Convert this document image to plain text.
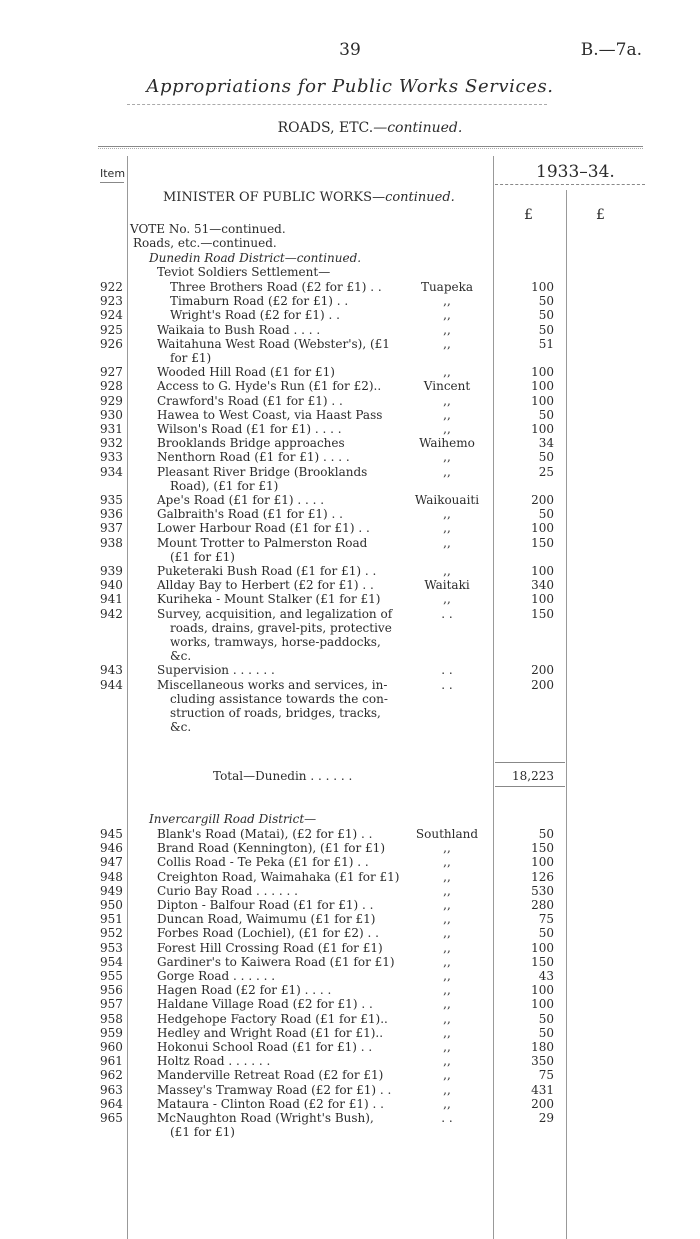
39	B.—7a.
Appropriations for Public Works Services.
ROADS, ETC.—continued.
Item	1933–34.
MINISTER OF PUBLIC WORKS—continued.
£	£
VOTE No. 51—continued.
Roads, etc.—continued.
Dunedin Road District—continued.
Teviot Soldiers Settlement—
922	Three Brothers Road (£2 for £1) . .	Tuapeka	100
923	Timaburn Road (£2 for £1) . .	,,	50
924	Wright's Road (£2 for £1) . .	,,	50
925	Waikaia to Bush Road . . . .	,,	50
926	Waitahuna West Road (Webster's), (£1	,,	51
for £1)
927	Wooded Hill Road (£1 for £1)	,,	100
928	Access to G. Hyde's Run (£1 for £2)..	Vincent	100
929	Crawford's Road (£1 for £1) . .	,,	100
930	Hawea to West Coast, via Haast Pass	,,	50
931	Wilson's Road (£1 for £1) . . . .	,,	100
932	Brooklands Bridge approaches	Waihemo	34
933	Nenthorn Road (£1 for £1) . . . .	,,	50
934	Pleasant River Bridge (Brooklands	,,	25
Road), (£1 for £1)
935	Ape's Road (£1 for £1) . . . .	Waikouaiti	200
936	Galbraith's Road (£1 for £1) . .	,,	50
937	Lower Harbour Road (£1 for £1) . .	,,	100
938	Mount Trotter to Palmerston Road	,,	150
(£1 for £1)
939	Puketeraki Bush Road (£1 for £1) . .	,,	100
940	Allday Bay to Herbert (£2 for £1) . .	Waitaki	340
941	Kuriheka - Mount Stalker (£1 for £1)	,,	100
942	Survey, acquisition, and legalization of	. .	150
roads, drains, gravel-pits, protective
works, tramways, horse-paddocks,
&c.
943	Supervision . . . . . .	. .	200
944	Miscellaneous works and services, in-	. .	200
cluding assistance towards the con-
struction of roads, bridges, tracks,
&c.
Total—Dunedin . . . . . .	18,223
Invercargill Road District—
945	Blank's Road (Matai), (£2 for £1) . .	Southland	50
946	Brand Road (Kennington), (£1 for £1)	,,	150
947	Collis Road - Te Peka (£1 for £1) . .	,,	100
948	Creighton Road, Waimahaka (£1 for £1)	,,	126
949	Curio Bay Road . . . . . .	,,	530
950	Dipton - Balfour Road (£1 for £1) . .	,,	280
951	Duncan Road, Waimumu (£1 for £1)	,,	75
952	Forbes Road (Lochiel), (£1 for £2) . .	,,	50
953	Forest Hill Crossing Road (£1 for £1)	,,	100
954	Gardiner's to Kaiwera Road (£1 for £1)	,,	150
955	Gorge Road . . . . . .	,,	43
956	Hagen Road (£2 for £1) . . . .	,,	100
957	Haldane Village Road (£2 for £1) . .	,,	100
958	Hedgehope Factory Road (£1 for £1)..	,,	50
959	Hedley and Wright Road (£1 for £1)..	,,	50
960	Hokonui School Road (£1 for £1) . .	,,	180
961	Holtz Road . . . . . .	,,	350
962	Manderville Retreat Road (£2 for £1)	,,	75
963	Massey's Tramway Road (£2 for £1) . .	,,	431
964	Mataura - Clinton Road (£2 for £1) . .	,,	200
965	McNaughton Road (Wright's Bush),	. .	29
(£1 for £1)
